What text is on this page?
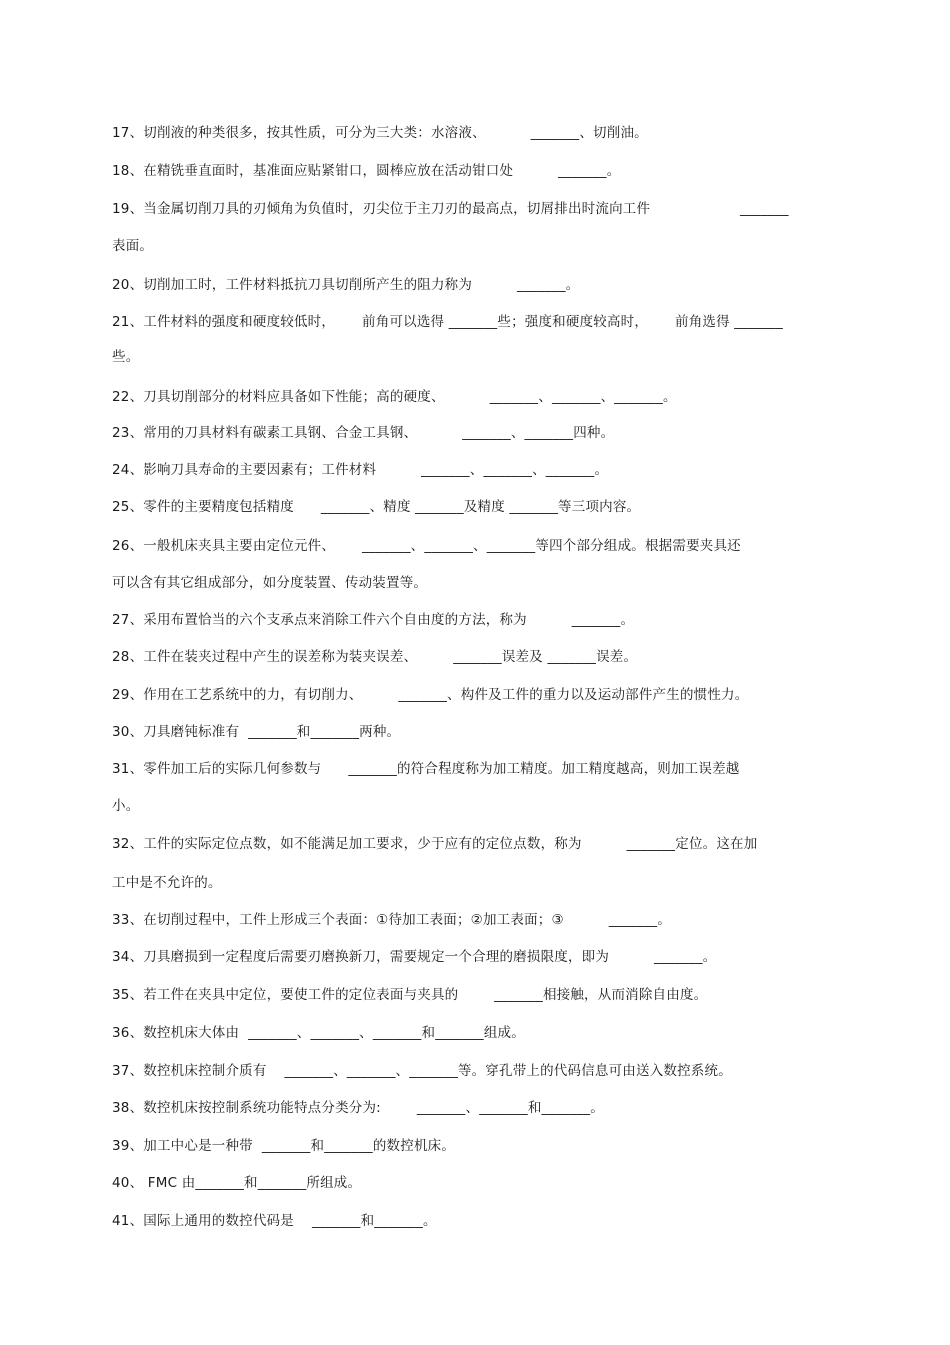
17、切削液的种类很多，按其性质，可分为三大类：水溶液、          _______、切削油。
18、在精铣垂直面时，基准面应贴紧钳口，圆棒应放在活动钳口处          _______。
19、当金属切削刀具的刃倾角为负值时，刃尖位于主刀刃的最高点，切屑排出时流向工件                    _______
表面。
20、切削加工时，工件材料抵抗刀具切削所产生的阻力称为          _______。
21、工件材料的强度和硬度较低时，      前角可以选得 _______些；强度和硬度较高时，      前角选得 _______
些。
22、刀具切削部分的材料应具备如下性能；高的硬度、          _______、_______、_______。
23、常用的刀具材料有碳素工具钢、合金工具钢、          _______、_______四种。
24、影响刀具寿命的主要因素有；工件材料          _______、_______、_______。
25、零件的主要精度包括精度      _______、精度 _______及精度 _______等三项内容。
26、一般机床夹具主要由定位元件、      _______、_______、_______等四个部分组成。根据需要夹具还
可以含有其它组成部分，如分度装置、传动装置等。
27、采用布置恰当的六个支承点来消除工件六个自由度的方法，称为          _______。
28、工件在装夹过程中产生的误差称为装夹误差、        _______误差及 _______误差。
29、作用在工艺系统中的力，有切削力、        _______、构件及工件的重力以及运动部件产生的惯性力。
30、刀具磨钝标准有  _______和_______两种。
31、零件加工后的实际几何参数与      _______的符合程度称为加工精度。加工精度越高，则加工误差越
小。
32、工件的实际定位点数，如不能满足加工要求，少于应有的定位点数，称为          _______定位。这在加
工中是不允许的。
33、在切削过程中，工件上形成三个表面：①待加工表面；②加工表面；③          _______。
34、刀具磨损到一定程度后需要刃磨换新刀，需要规定一个合理的磨损限度，即为          _______。
35、若工件在夹具中定位，要使工件的定位表面与夹具的        _______相接触，从而消除自由度。
36、数控机床大体由  _______、_______、_______和_______组成。
37、数控机床控制介质有    _______、_______、_______等。穿孔带上的代码信息可由送入数控系统。
38、数控机床按控制系统功能特点分类分为:        _______、_______和_______。
39、加工中心是一种带  _______和_______的数控机床。
40、 FMC 由_______和_______所组成。
41、国际上通用的数控代码是    _______和_______。
